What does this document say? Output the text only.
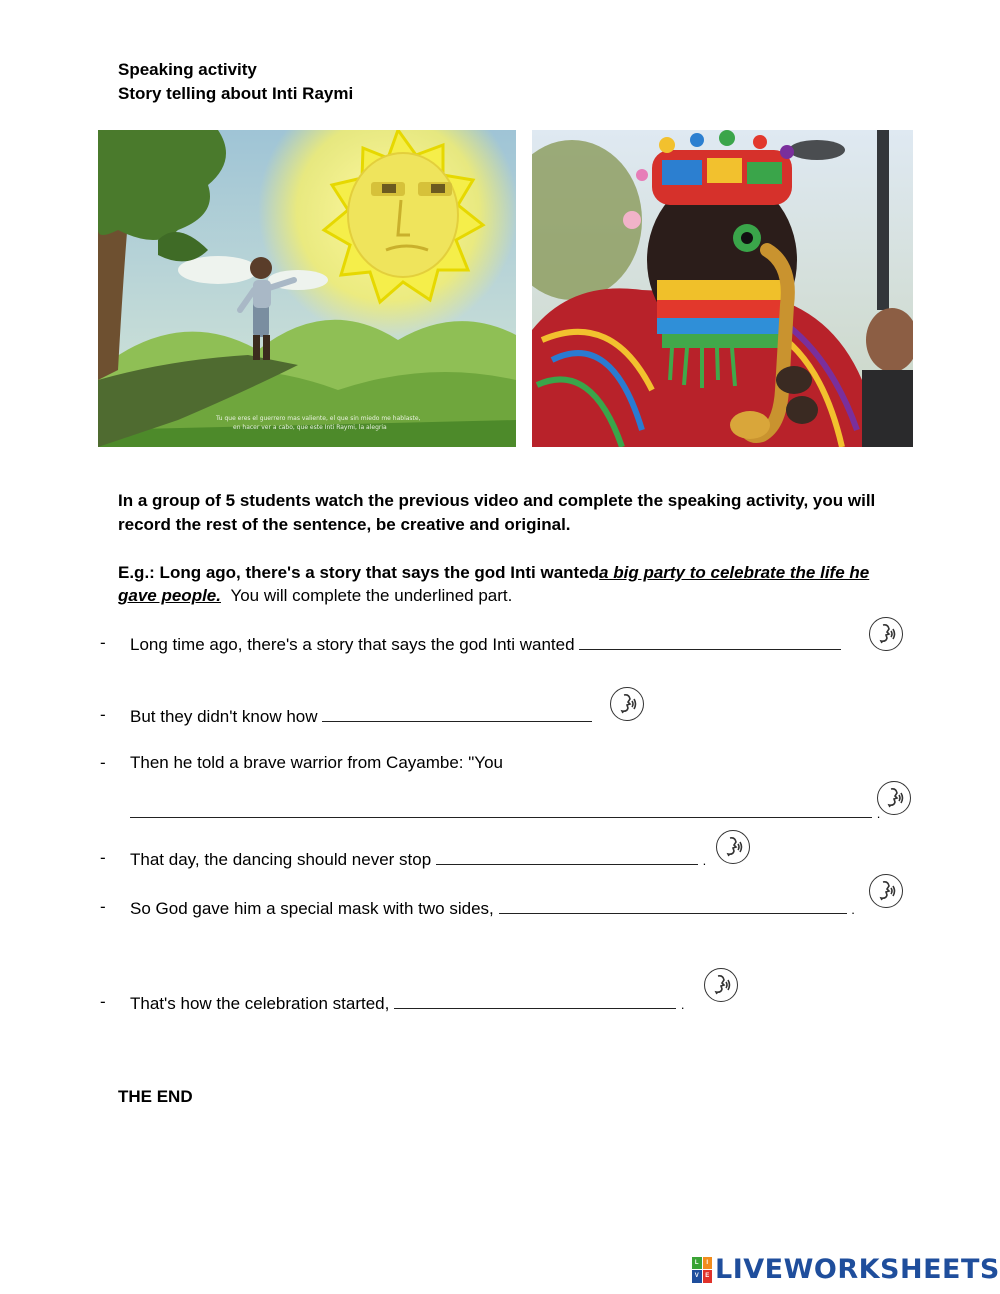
Speaking activity
Story telling about Inti Raymi
Tu que eres el guerrero mas valiente, el que sin miedo me hablaste,
en hacer ver a cabo, que este Inti Raymi, la alegria
In a group of 5 students watch the previous video and complete the speaking activity, you will record the rest of the sentence, be creative and original.
E.g.: Long ago, there's a story that says the god Inti wanteda big party to celebrate the life he gave people. You will complete the underlined part.
- Long time ago, there's a story that says the god Inti wanted
- But they didn't know how
- Then he told a brave warrior from Cayambe: "You
.
- That day, the dancing should never stop	.
- So God gave him a special mask with two sides,	.
- That's how the celebration started,	.
THE END
L	I
V	E LIVEWORKSHEETS
